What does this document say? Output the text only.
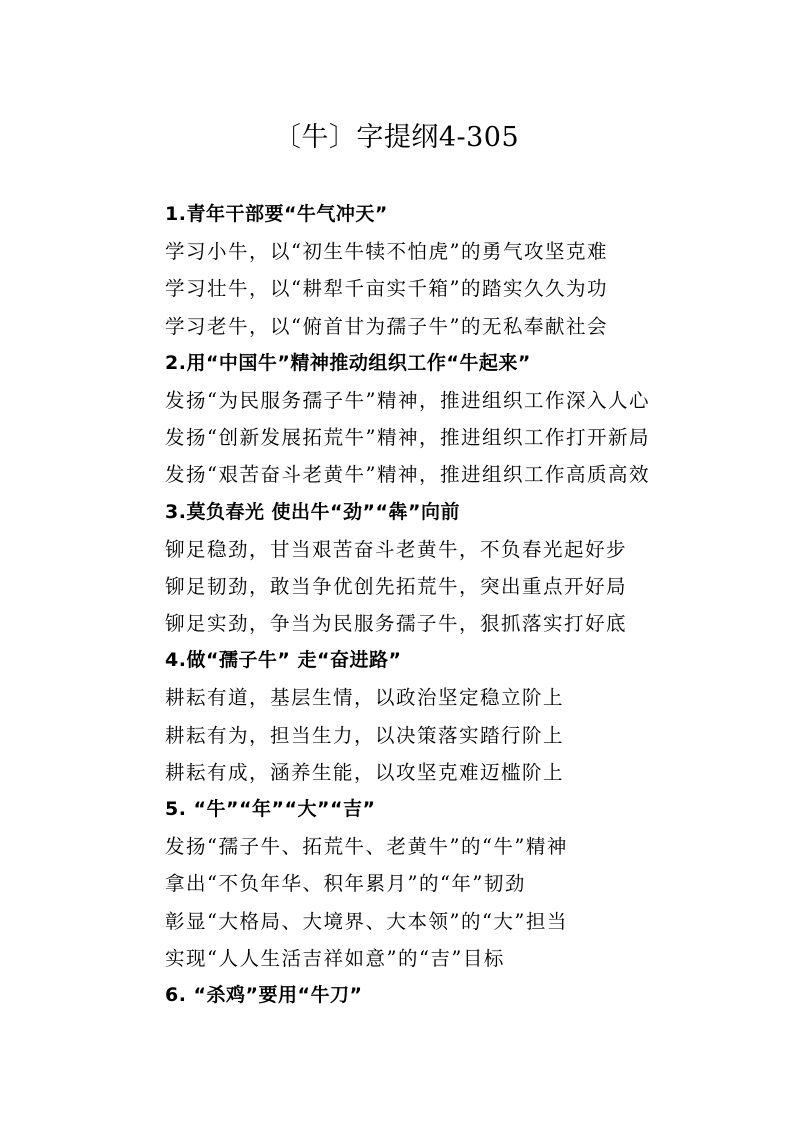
〔牛〕字提纲4-305
1.青年干部要“牛气冲天”
学习小牛，以“初生牛犊不怕虎”的勇气攻坚克难
学习壮牛，以“耕犁千亩实千箱”的踏实久久为功
学习老牛，以“俯首甘为孺子牛”的无私奉献社会
2.用“中国牛”精神推动组织工作“牛起来”
发扬“为民服务孺子牛”精神，推进组织工作深入人心
发扬“创新发展拓荒牛”精神，推进组织工作打开新局
发扬“艰苦奋斗老黄牛”精神，推进组织工作高质高效
3.莫负春光 使出牛“劲”“犇”向前
铆足稳劲，甘当艰苦奋斗老黄牛，不负春光起好步
铆足韧劲，敢当争优创先拓荒牛，突出重点开好局
铆足实劲，争当为民服务孺子牛，狠抓落实打好底
4.做“孺子牛” 走“奋进路”
耕耘有道，基层生情，以政治坚定稳立阶上
耕耘有为，担当生力，以决策落实踏行阶上
耕耘有成，涵养生能，以攻坚克难迈槛阶上
5. “牛”“年”“大”“吉”
发扬“孺子牛、拓荒牛、老黄牛”的“牛”精神
拿出“不负年华、积年累月”的“年”韧劲
彰显“大格局、大境界、大本领”的“大”担当
实现“人人生活吉祥如意”的“吉”目标
6. “杀鸡”要用“牛刀”
